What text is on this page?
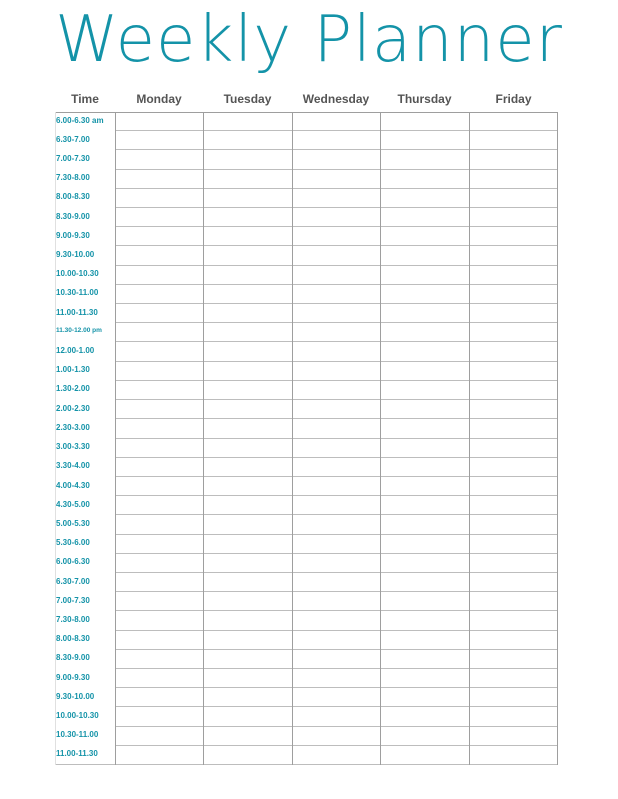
Weekly Planner
Time	Monday	Tuesday	Wednesday	Thursday	Friday
6.00-6.30 am
6.30-7.00
7.00-7.30
7.30-8.00
8.00-8.30
8.30-9.00
9.00-9.30
9.30-10.00
10.00-10.30
10.30-11.00
11.00-11.30
11.30-12.00 pm
12.00-1.00
1.00-1.30
1.30-2.00
2.00-2.30
2.30-3.00
3.00-3.30
3.30-4.00
4.00-4.30
4.30-5.00
5.00-5.30
5.30-6.00
6.00-6.30
6.30-7.00
7.00-7.30
7.30-8.00
8.00-8.30
8.30-9.00
9.00-9.30
9.30-10.00
10.00-10.30
10.30-11.00
11.00-11.30
